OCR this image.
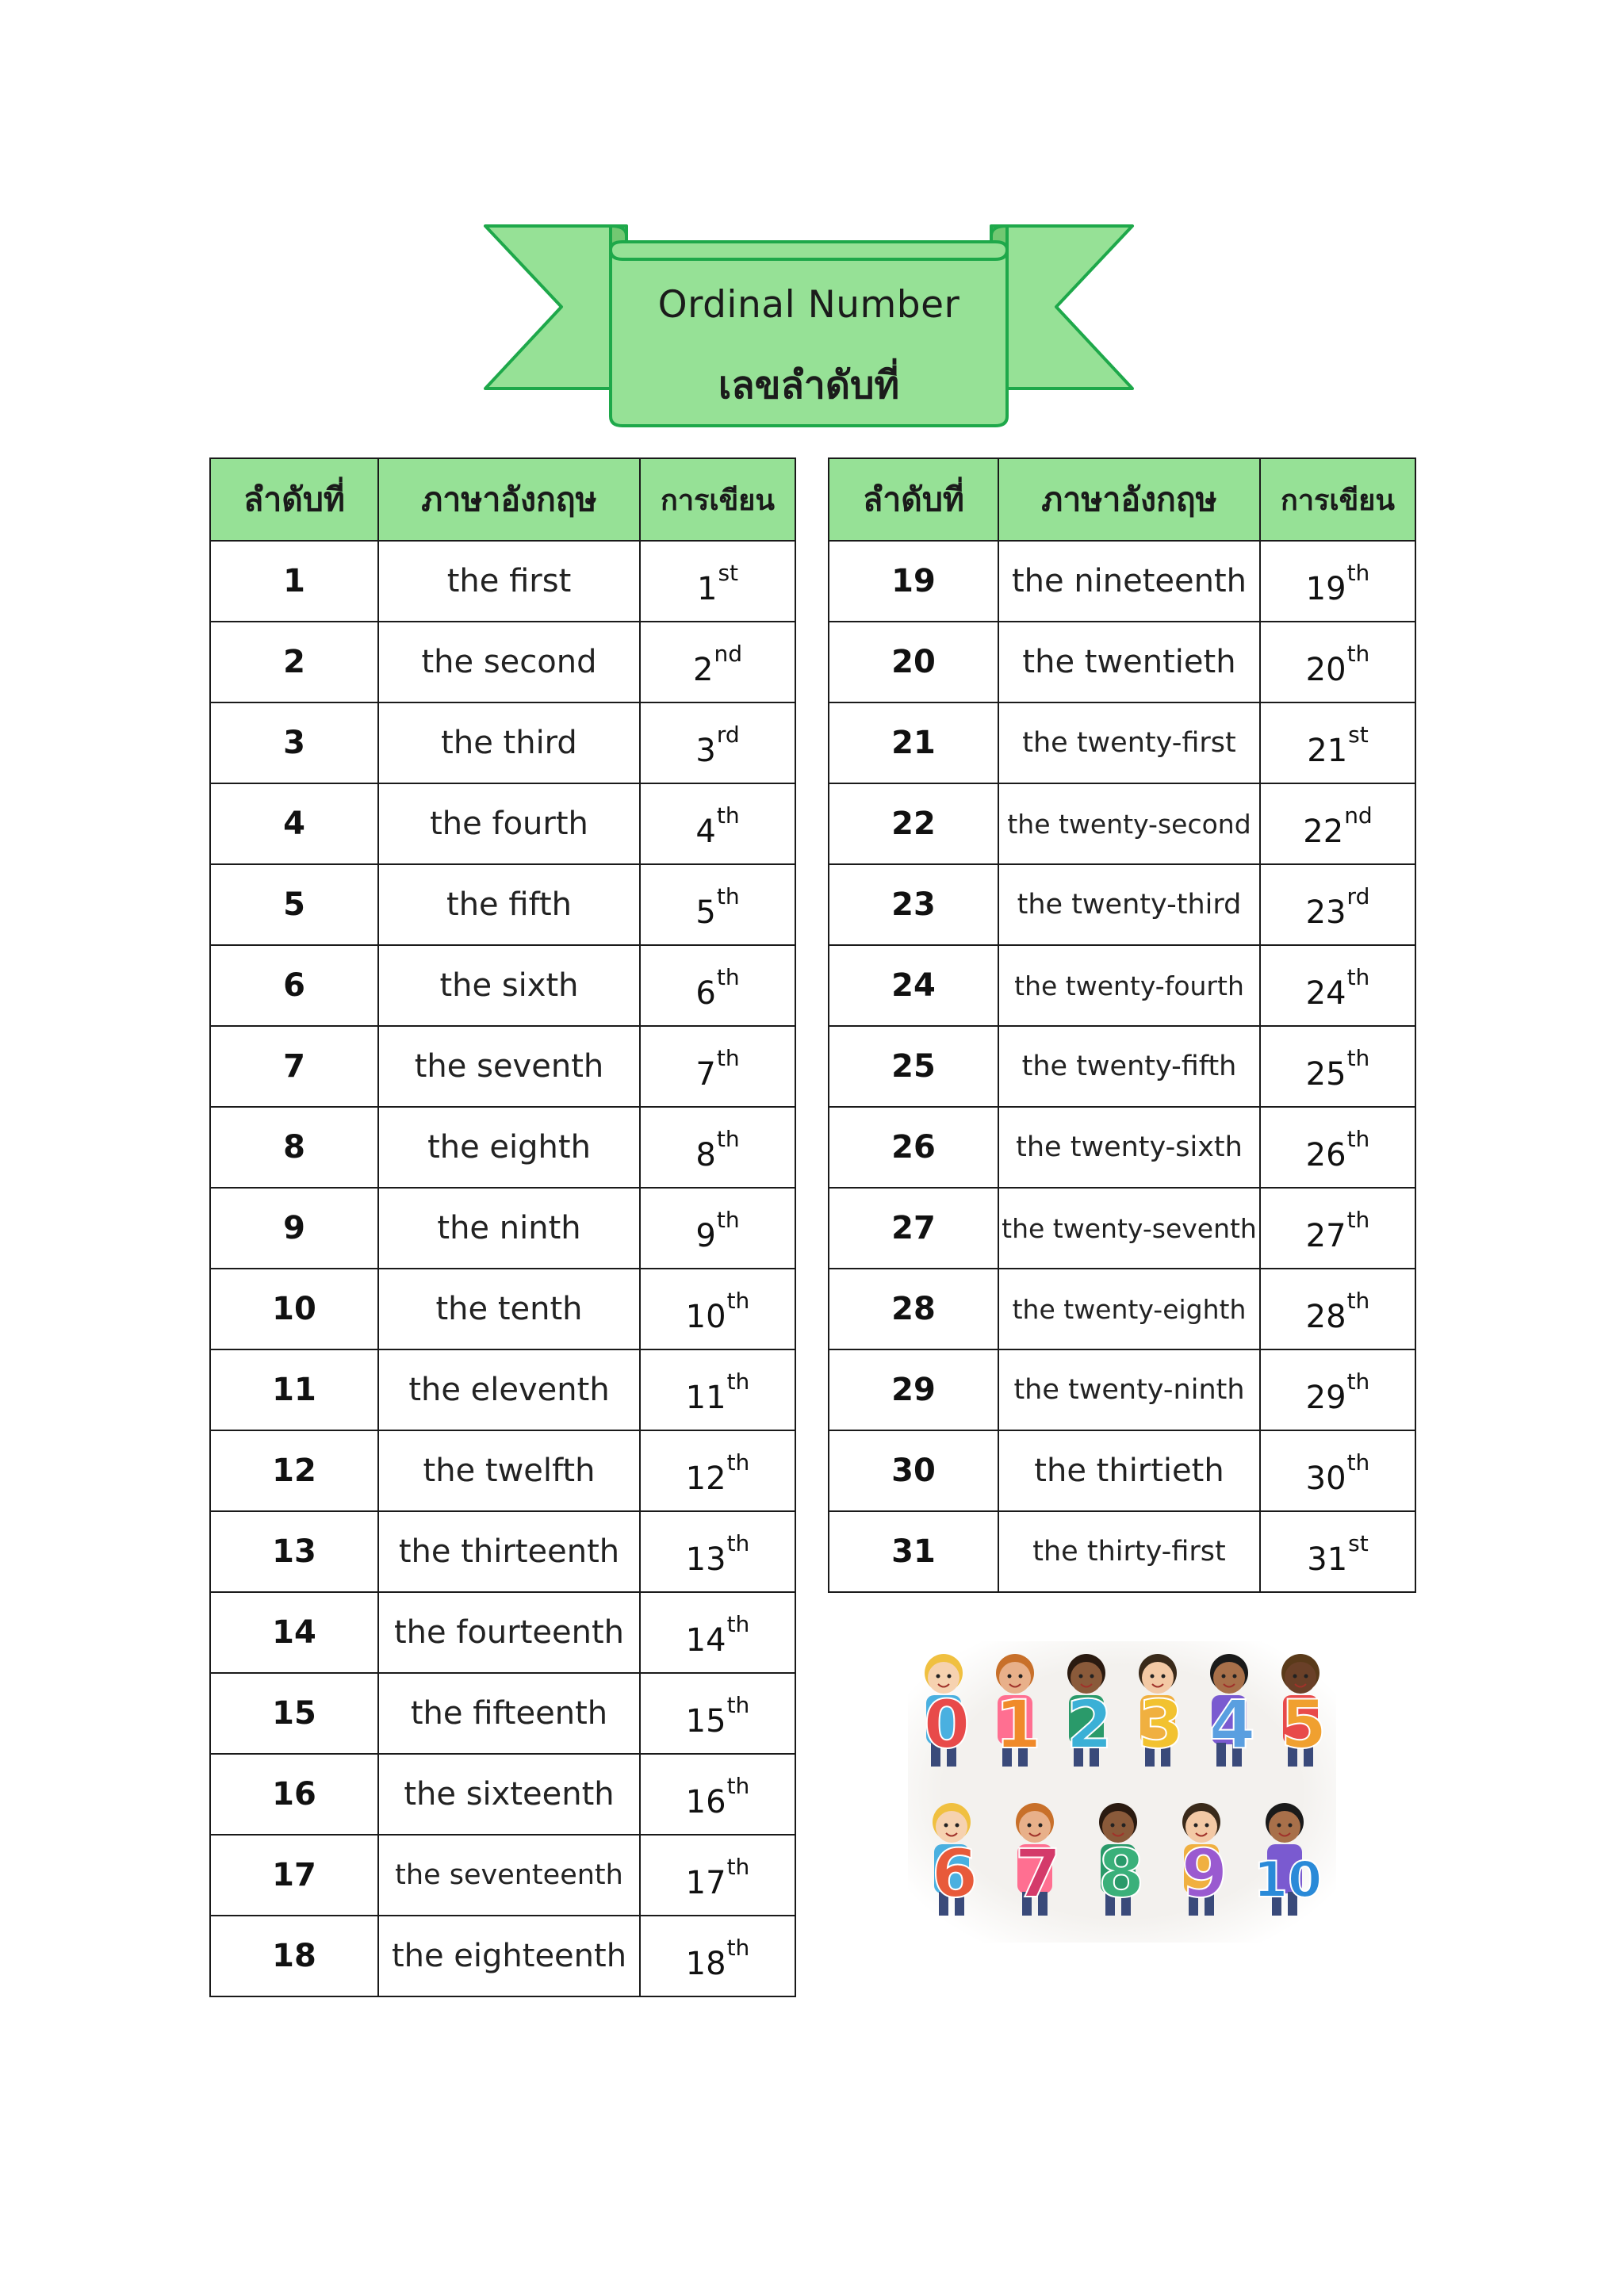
Ordinal Number
เลขลำดับที่
ลำดับที่	ภาษาอังกฤษ	การเขียน
1	the first	1st
2	the second	2nd
3	the third	3rd
4	the fourth	4th
5	the fifth	5th
6	the sixth	6th
7	the seventh	7th
8	the eighth	8th
9	the ninth	9th
10	the tenth	10th
11	the eleventh	11th
12	the twelfth	12th
13	the thirteenth	13th
14	the fourteenth	14th
15	the fifteenth	15th
16	the sixteenth	16th
17	the seventeenth	17th
18	the eighteenth	18th
ลำดับที่	ภาษาอังกฤษ	การเขียน
19	the nineteenth	19th
20	the twentieth	20th
21	the twenty-first	21st
22	the twenty-second	22nd
23	the twenty-third	23rd
24	the twenty-fourth	24th
25	the twenty-fifth	25th
26	the twenty-sixth	26th
27	the twenty-seventh	27th
28	the twenty-eighth	28th
29	the twenty-ninth	29th
30	the thirtieth	30th
31	the thirty-first	31st
0 1 2 3 4 5
6 7 8 9 10
